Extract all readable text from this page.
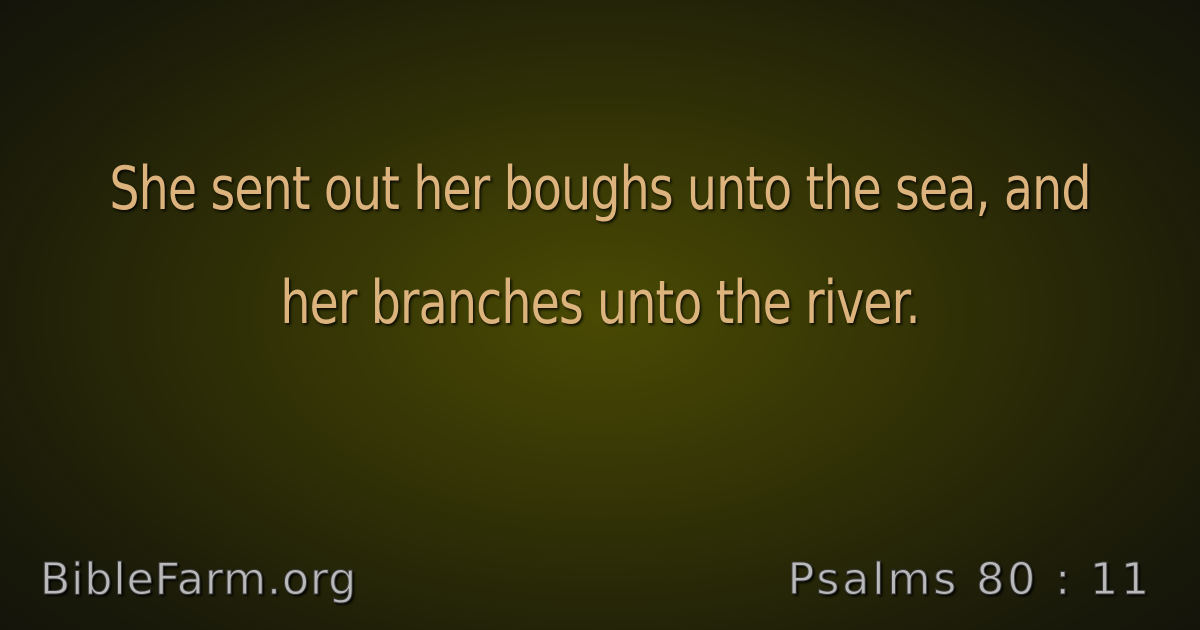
She sent out her boughs unto the sea, and her branches unto the river.

BibleFarm.org	Psalms 80 : 11
